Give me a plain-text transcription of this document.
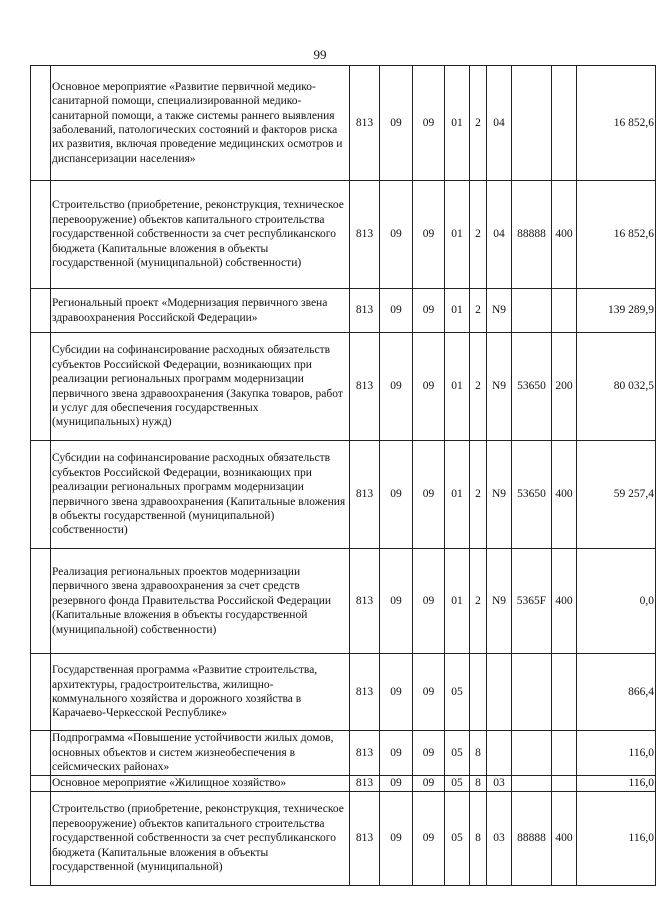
99
	Основное мероприятие «Развитие первичной медико-санитарной помощи, специализированной медико-санитарной помощи, а также системы раннего выявления заболеваний, патологических состояний и факторов риска их развития, включая проведение медицинских осмотров и диспансеризации населения»	813	09	09	01	2	04			16 852,6
	Строительство (приобретение, реконструкция, техническое перевооружение) объектов капитального строительства государственной собственности за счет республиканского бюджета (Капитальные вложения в объекты государственной (муниципальной) собственности)	813	09	09	01	2	04	88888	400	16 852,6
	Региональный проект «Модернизация первичного звена здравоохранения Российской Федерации»	813	09	09	01	2	N9			139 289,9
	Субсидии на софинансирование расходных обязательств субъектов Российской Федерации, возникающих при реализации региональных программ модернизации первичного звена здравоохранения (Закупка товаров, работ и услуг для обеспечения государственных (муниципальных) нужд)	813	09	09	01	2	N9	53650	200	80 032,5
	Субсидии на софинансирование расходных обязательств субъектов Российской Федерации, возникающих при реализации региональных программ модернизации первичного звена здравоохранения (Капитальные вложения в объекты государственной (муниципальной) собственности)	813	09	09	01	2	N9	53650	400	59 257,4
	Реализация региональных проектов модернизации первичного звена здравоохранения за счет средств резервного фонда Правительства Российской Федерации (Капитальные вложения в объекты государственной (муниципальной) собственности)	813	09	09	01	2	N9	5365F	400	0,0
	Государственная программа «Развитие строительства, архитектуры, градостроительства, жилищно-коммунального хозяйства и дорожного хозяйства в Карачаево-Черкесской Республике»	813	09	09	05					866,4
	Подпрограмма «Повышение устойчивости жилых домов, основных объектов и систем жизнеобеспечения в сейсмических районах»	813	09	09	05	8				116,0
	Основное мероприятие «Жилищное хозяйство»	813	09	09	05	8	03			116,0
	Строительство (приобретение, реконструкция, техническое перевооружение) объектов капитального строительства государственной собственности за счет республиканского бюджета (Капитальные вложения в объекты государственной (муниципальной)	813	09	09	05	8	03	88888	400	116,0
